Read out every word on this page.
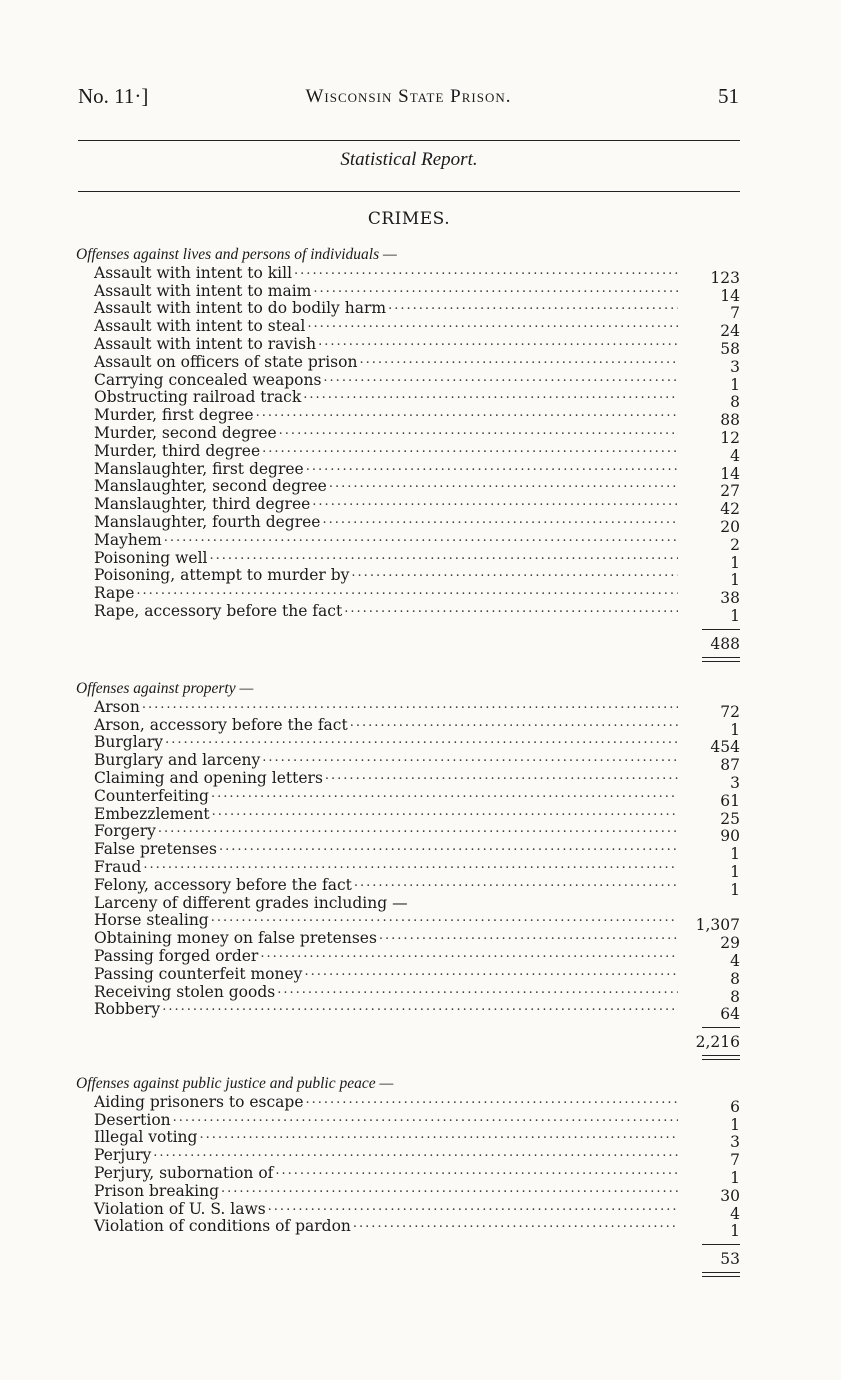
No. 11·]	Wisconsin State Prison.	51
Statistical Report.
CRIMES.
Offenses against lives and persons of individuals —
Assault with intent to kill .....	123
Assault with intent to maim .....	14
Assault with intent to do bodily harm .....	7
Assault with intent to steal .....	24
Assault with intent to ravish .....	58
Assault on officers of state prison .....	3
Carrying concealed weapons .....	1
Obstructing railroad track .....	8
Murder, first degree .....	88
Murder, second degree .....	12
Murder, third degree .....	4
Manslaughter, first degree .....	14
Manslaughter, second degree .....	27
Manslaughter, third degree .....	42
Manslaughter, fourth degree .....	20
Mayhem .....	2
Poisoning well .....	1
Poisoning, attempt to murder by .....	1
Rape .....	38
Rape, accessory before the fact .....	1
488
Offenses against property —
Arson .....	72
Arson, accessory before the fact .....	1
Burglary .....	454
Burglary and larceny .....	87
Claiming and opening letters .....	3
Counterfeiting .....	61
Embezzlement .....	25
Forgery .....	90
False pretenses .....	1
Fraud .....	1
Felony, accessory before the fact .....	1
Larceny of different grades including —
Horse stealing .....	1,307
Obtaining money on false pretenses .....	29
Passing forged order .....	4
Passing counterfeit money .....	8
Receiving stolen goods .....	8
Robbery .....	64
2,216
Offenses against public justice and public peace —
Aiding prisoners to escape .....	6
Desertion .....	1
Illegal voting .....	3
Perjury .....	7
Perjury, subornation of .....	1
Prison breaking .....	30
Violation of U. S. laws .....	4
Violation of conditions of pardon .....	1
53
